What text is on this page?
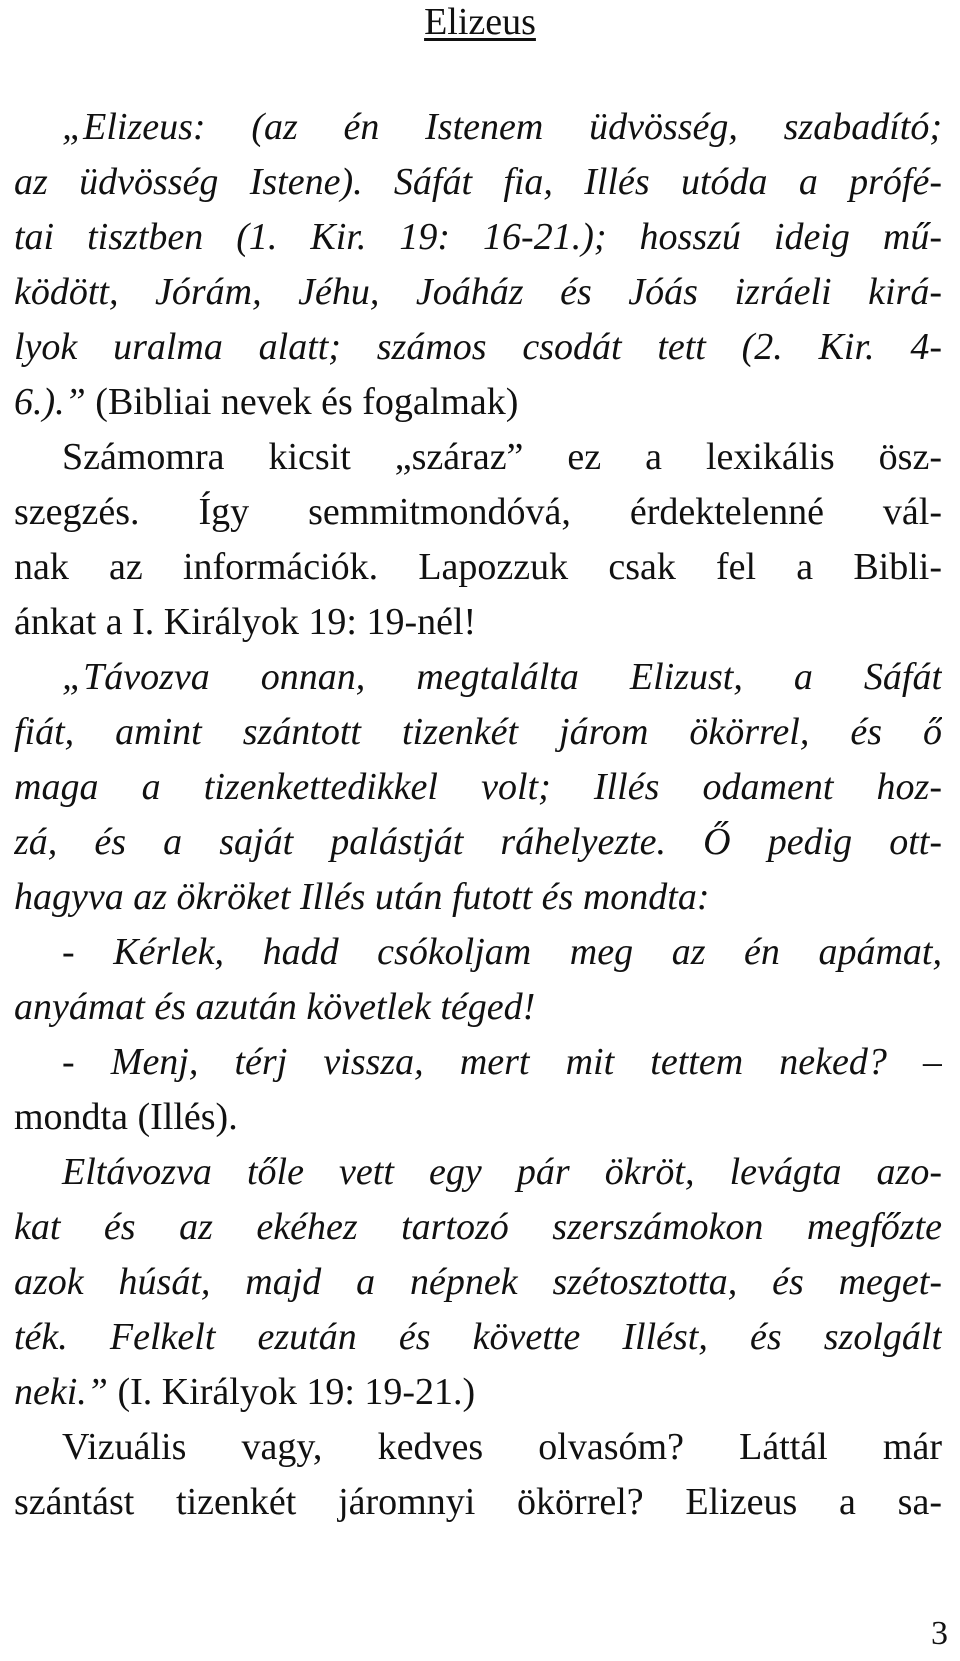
Elizeus
„Elizeus: (az én Istenem üdvösség, szabadító;
az üdvösség Istene). Sáfát fia, Illés utóda a prófé-
tai tisztben (1. Kir. 19: 16-21.); hosszú ideig mű-
ködött, Jórám, Jéhu, Joáház és Jóás izráeli kirá-
lyok uralma alatt; számos csodát tett (2. Kir. 4-
6.).” (Bibliai nevek és fogalmak)
Számomra kicsit „száraz” ez a lexikális ösz-
szegzés. Így semmitmondóvá, érdektelenné vál-
nak az információk. Lapozzuk csak fel a Bibli-
ánkat a I. Királyok 19: 19-nél!
„Távozva onnan, megtalálta Elizust, a Sáfát
fiát, amint szántott tizenkét járom ökörrel, és ő
maga a tizenkettedikkel volt; Illés odament hoz-
zá, és a saját palástját ráhelyezte. Ő pedig ott-
hagyva az ökröket Illés után futott és mondta:
- Kérlek, hadd csókoljam meg az én apámat,
anyámat és azután követlek téged!
- Menj, térj vissza, mert mit tettem neked? –
mondta (Illés).
Eltávozva tőle vett egy pár ökröt, levágta azo-
kat és az ekéhez tartozó szerszámokon megfőzte
azok húsát, majd a népnek szétosztotta, és meget-
ték. Felkelt ezután és követte Illést, és szolgált
neki.” (I. Királyok 19: 19-21.)
Vizuális vagy, kedves olvasóm? Láttál már
szántást tizenkét járomnyi ökörrel? Elizeus a sa-
3
